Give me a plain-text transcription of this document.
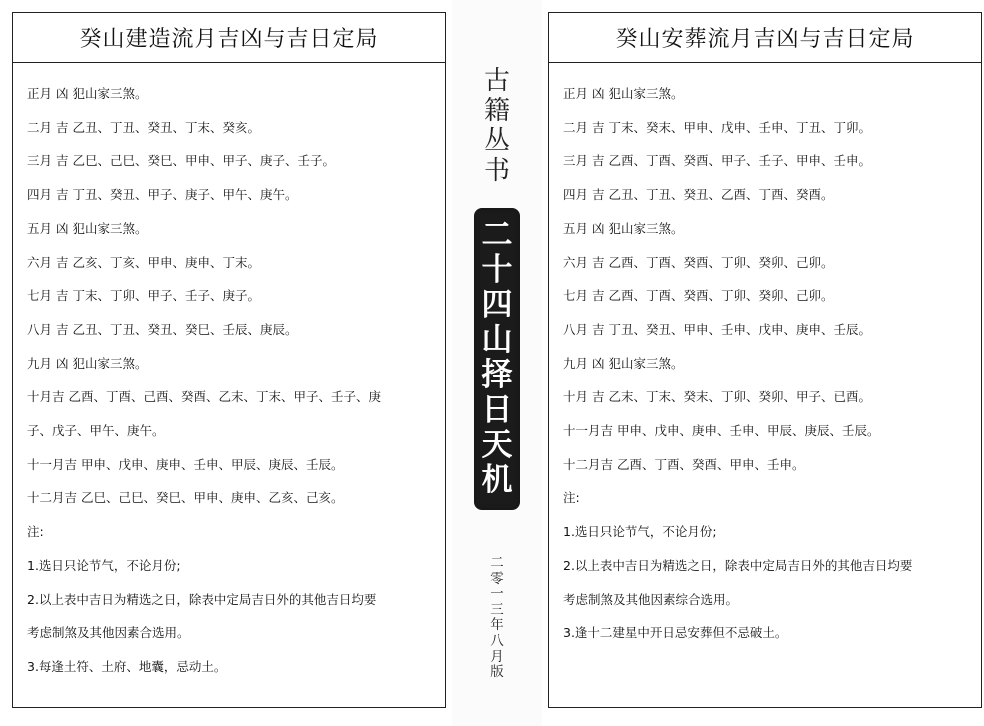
癸山建造流月吉凶与吉日定局
正月 凶 犯山家三煞。
二月 吉 乙丑、丁丑、癸丑、丁末、癸亥。
三月 吉 乙巳、己巳、癸巳、甲申、甲子、庚子、壬子。
四月 吉 丁丑、癸丑、甲子、庚子、甲午、庚午。
五月 凶 犯山家三煞。
六月 吉 乙亥、丁亥、甲申、庚申、丁末。
七月 吉 丁末、丁卯、甲子、壬子、庚子。
八月 吉 乙丑、丁丑、癸丑、癸巳、壬辰、庚辰。
九月 凶 犯山家三煞。
十月吉 乙酉、丁酉、己酉、癸酉、乙末、丁末、甲子、壬子、庚
子、戊子、甲午、庚午。
十一月吉 甲申、戊申、庚申、壬申、甲辰、庚辰、壬辰。
十二月吉 乙巳、己巳、癸巳、甲申、庚申、乙亥、己亥。
注:
1.选日只论节气，不论月份;
2.以上表中吉日为精选之日，除表中定局吉日外的其他吉日均要
考虑制煞及其他因素合选用。
3.每逢土符、土府、地囊，忌动土。
古
籍
丛
书
二
十
四
山
择
日
天
机
二
零
一
三
年
八
月
版
癸山安葬流月吉凶与吉日定局
正月 凶 犯山家三煞。
二月 吉 丁末、癸末、甲申、戊申、壬申、丁丑、丁卯。
三月 吉 乙酉、丁酉、癸酉、甲子、壬子、甲申、壬申。
四月 吉 乙丑、丁丑、癸丑、乙酉、丁酉、癸酉。
五月 凶 犯山家三煞。
六月 吉 乙酉、丁酉、癸酉、丁卯、癸卯、己卯。
七月 吉 乙酉、丁酉、癸酉、丁卯、癸卯、己卯。
八月 吉 丁丑、癸丑、甲申、壬申、戊申、庚申、壬辰。
九月 凶 犯山家三煞。
十月 吉 乙末、丁末、癸末、丁卯、癸卯、甲子、已酉。
十一月吉 甲申、戊申、庚申、壬申、甲辰、庚辰、壬辰。
十二月吉 乙酉、丁酉、癸酉、甲申、壬申。
注:
1.选日只论节气，不论月份;
2.以上表中吉日为精选之日，除表中定局吉日外的其他吉日均要
考虑制煞及其他因素综合选用。
3.逢十二建星中开日忌安葬但不忌破土。
